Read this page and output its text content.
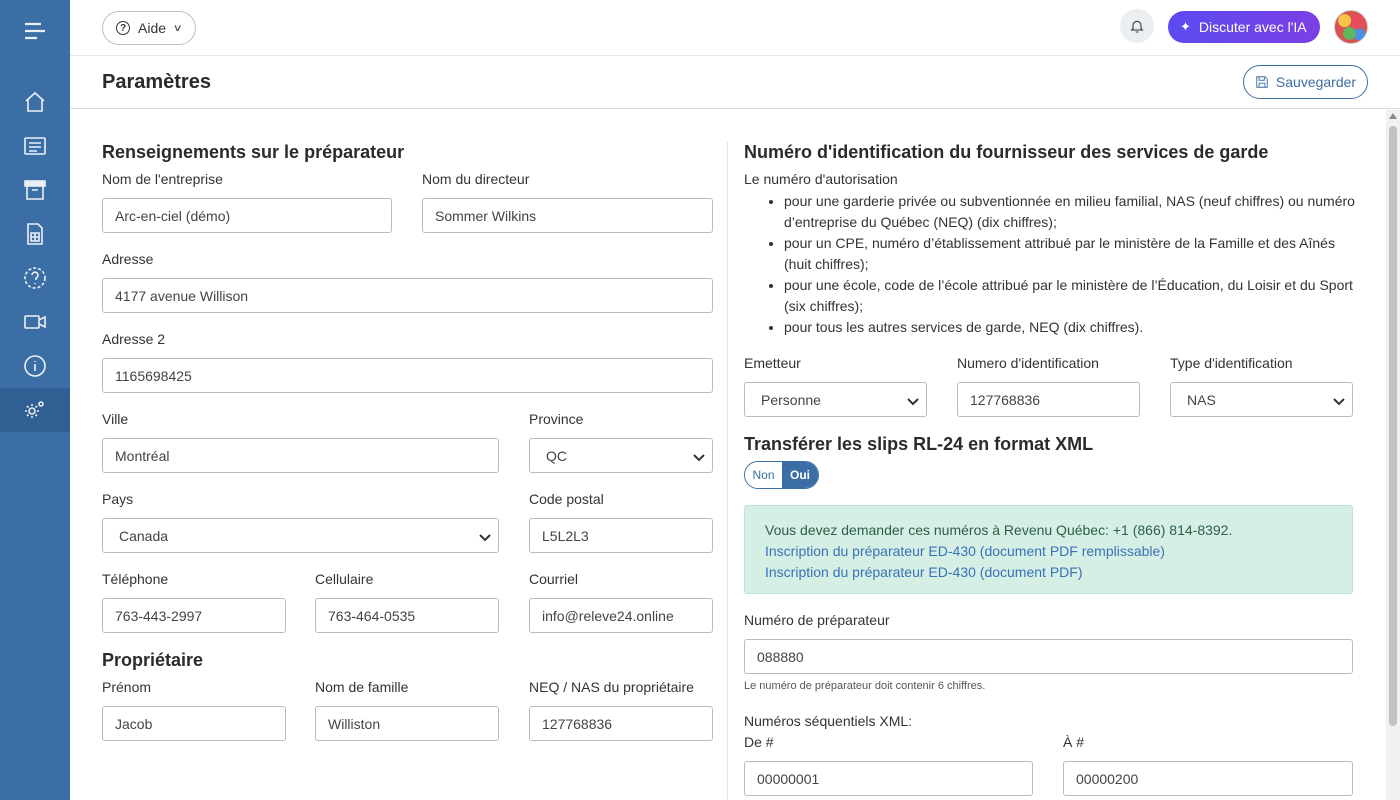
? Aide ∨	✦ Discuter avec l'IA
Paramètres	Sauvegarder
Renseignements sur le préparateur
Nom de l'entreprise
Arc-en-ciel (démo)
Nom du directeur
Sommer Wilkins
Adresse
4177 avenue Willison
Adresse 2
1165698425
Ville
Montréal
Province
QC
Pays
Canada
Code postal
L5L2L3
Téléphone
763-443-2997
Cellulaire
763-464-0535
Courriel
info@releve24.online
Propriétaire
Prénom
Jacob
Nom de famille
Williston
NEQ / NAS du propriétaire
127768836
Numéro d'identification du fournisseur des services de garde
Le numéro d'autorisation
• pour une garderie privée ou subventionnée en milieu familial, NAS (neuf chiffres) ou numéro d’entreprise du Québec (NEQ) (dix chiffres);
• pour un CPE, numéro d’établissement attribué par le ministère de la Famille et des Aînés (huit chiffres);
• pour une école, code de l’école attribué par le ministère de l’Éducation, du Loisir et du Sport (six chiffres);
• pour tous les autres services de garde, NEQ (dix chiffres).
Emetteur
Personne
Numero d'identification
127768836
Type d'identification
NAS
Transférer les slips RL-24 en format XML
Non	Oui
Vous devez demander ces numéros à Revenu Québec: +1 (866) 814-8392.
Inscription du préparateur ED-430 (document PDF remplissable)
Inscription du préparateur ED-430 (document PDF)
Numéro de préparateur
088880
Le numéro de préparateur doit contenir 6 chiffres.
Numéros séquentiels XML:
De #
00000001
À #
00000200
